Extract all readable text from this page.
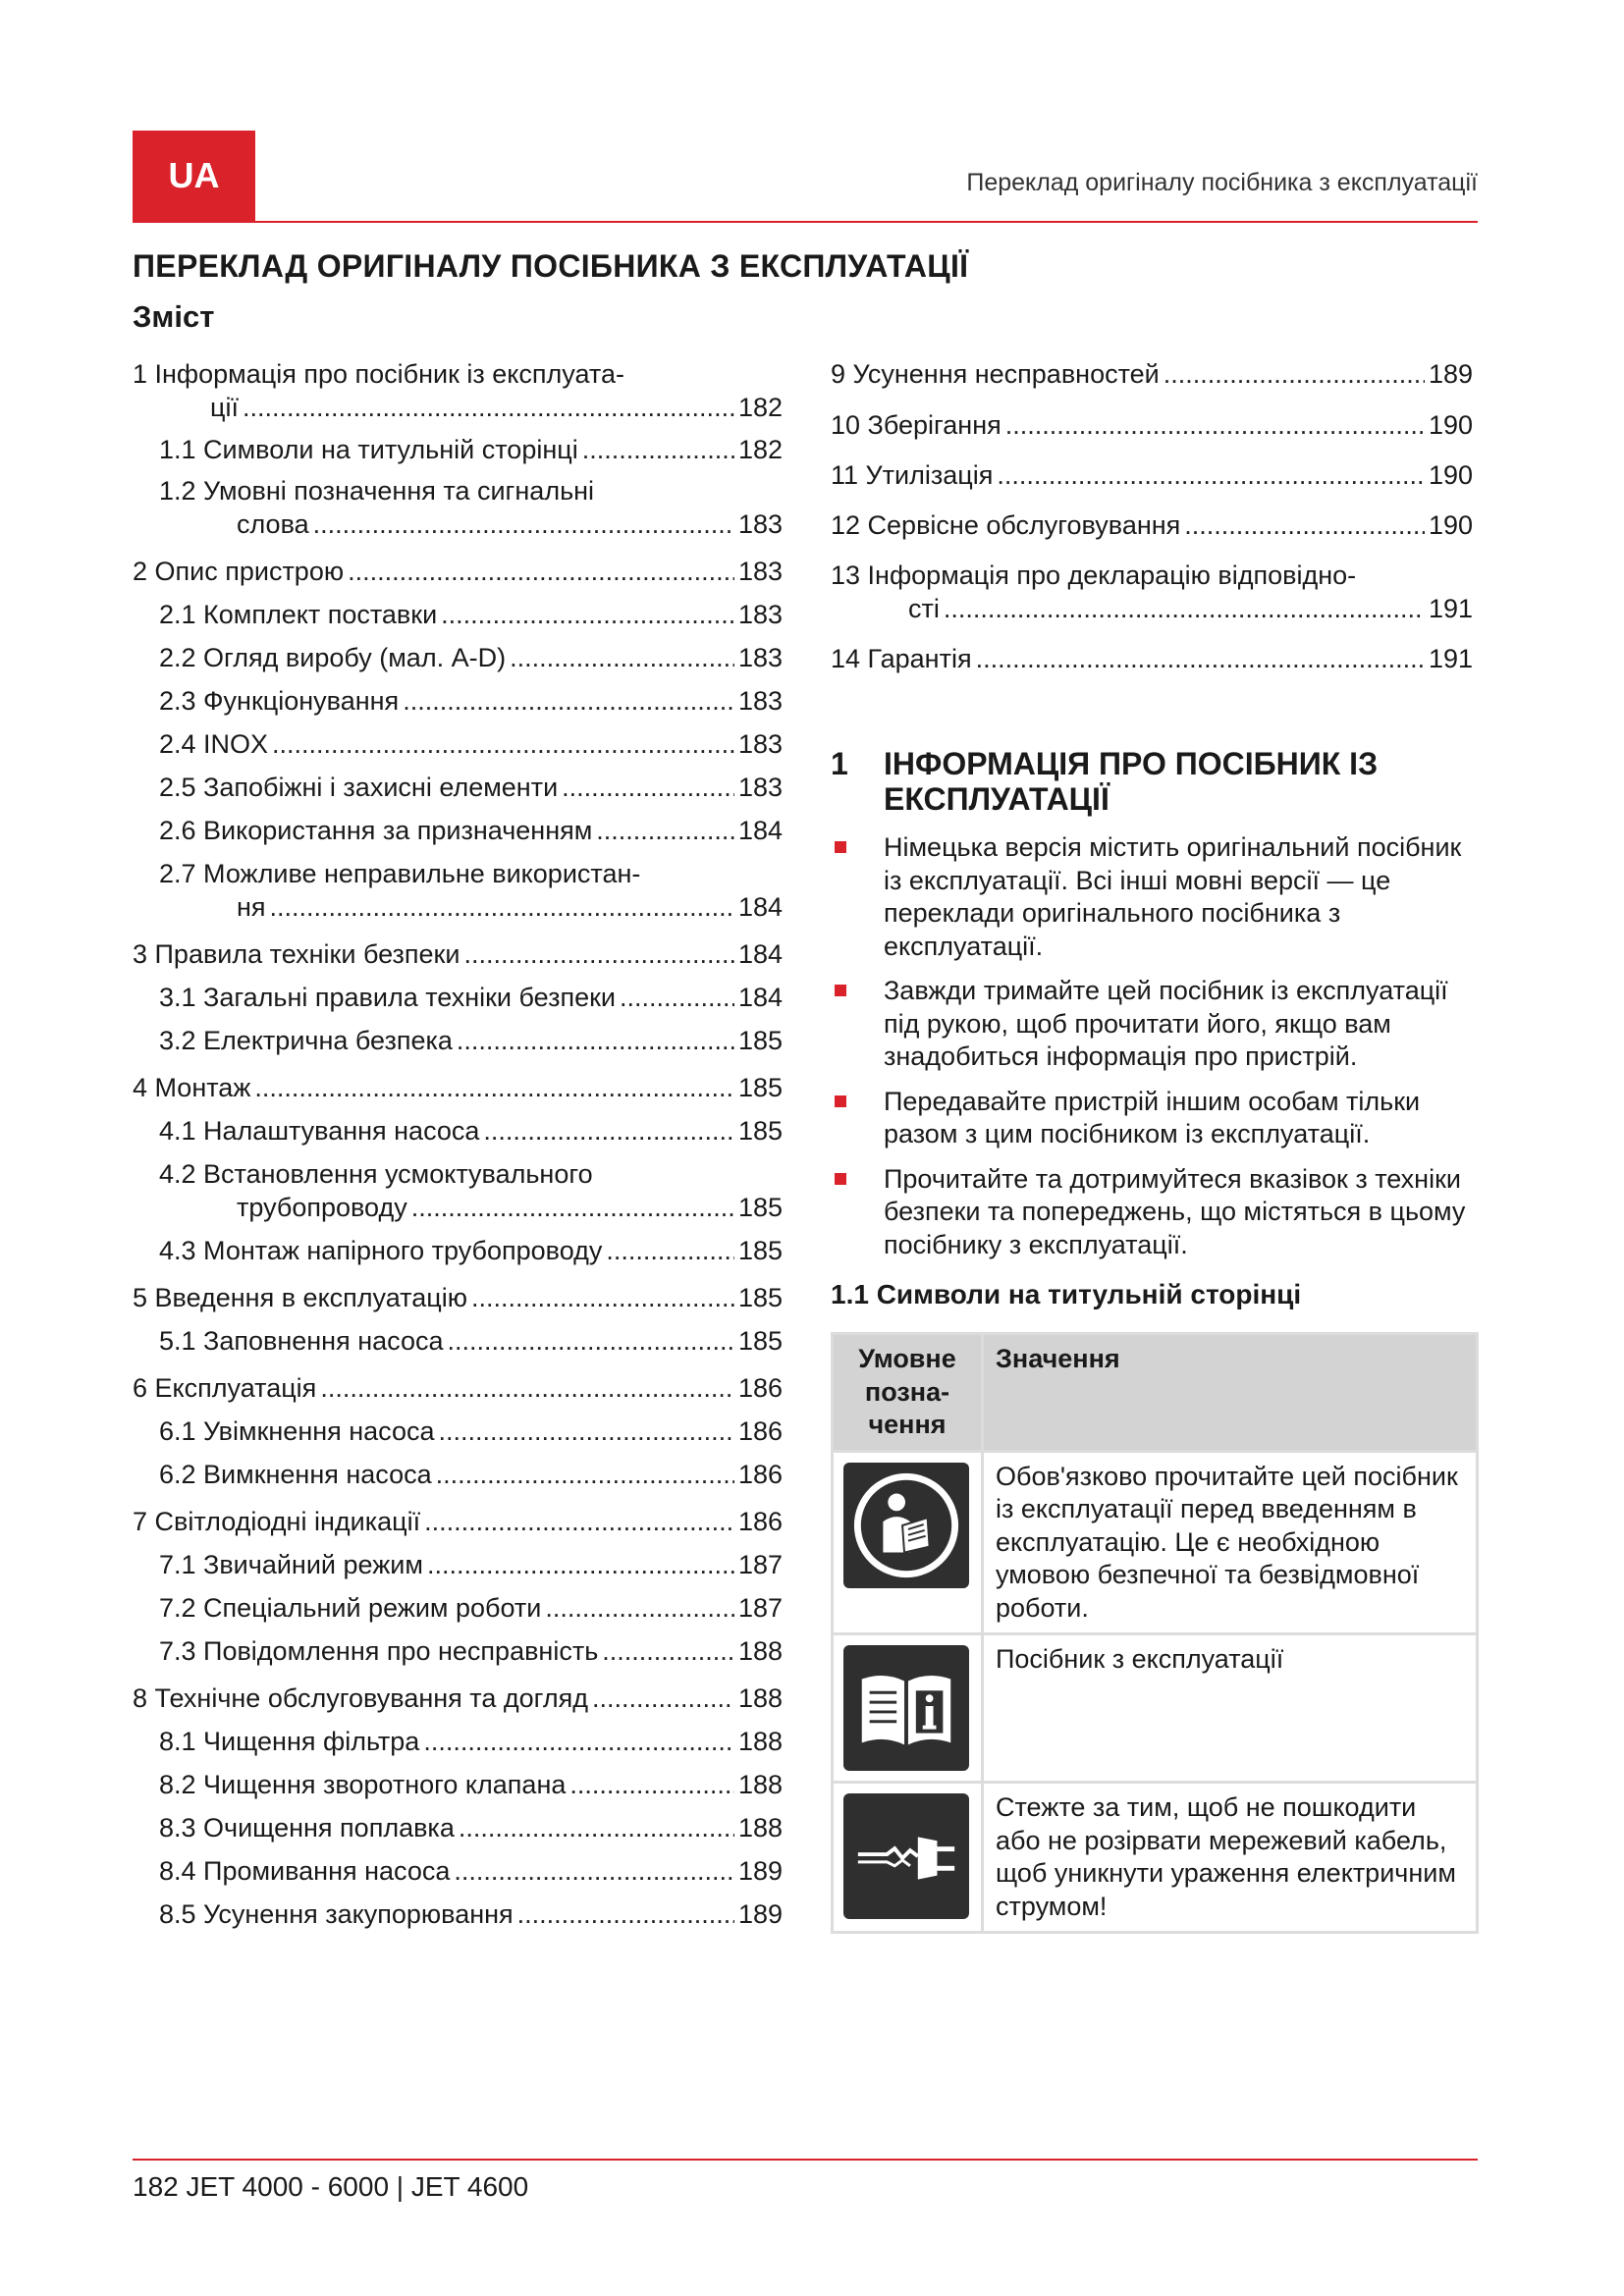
UA	Переклад оригіналу посібника з експлуатації
ПЕРЕКЛАД ОРИГІНАЛУ ПОСІБНИКА З ЕКСПЛУАТАЦІЇ
Зміст
1 Інформація про посібник із експлуата-
ції .....	182
1.1 Символи на титульній сторінці .....	182
1.2 Умовні позначення та сигнальні
слова .....	183
2 Опис пристрою .....	183
2.1 Комплект поставки .....	183
2.2 Огляд виробу (мал. A-D) .....	183
2.3 Функціонування .....	183
2.4 INOX .....	183
2.5 Запобіжні і захисні елементи .....	183
2.6 Використання за призначенням .....	184
2.7 Можливе неправильне використан-
ня .....	184
3 Правила техніки безпеки .....	184
3.1 Загальні правила техніки безпеки .....	184
3.2 Електрична безпека .....	185
4 Монтаж .....	185
4.1 Налаштування насоса .....	185
4.2 Встановлення усмоктувального
трубопроводу .....	185
4.3 Монтаж напірного трубопроводу .....	185
5 Введення в експлуатацію .....	185
5.1 Заповнення насоса .....	185
6 Експлуатація .....	186
6.1 Увімкнення насоса .....	186
6.2 Вимкнення насоса .....	186
7 Світлодіодні індикації .....	186
7.1 Звичайний режим .....	187
7.2 Спеціальний режим роботи .....	187
7.3 Повідомлення про несправність .....	188
8 Технічне обслуговування та догляд .....	188
8.1 Чищення фільтра .....	188
8.2 Чищення зворотного клапана .....	188
8.3 Очищення поплавка .....	188
8.4 Промивання насоса .....	189
8.5 Усунення закупорювання .....	189
9 Усунення несправностей .....	189
10 Зберігання .....	190
11 Утилізація .....	190
12 Сервісне обслуговування .....	190
13 Інформація про декларацію відповідно-
сті .....	191
14 Гарантія .....	191
1 ІНФОРМАЦІЯ ПРО ПОСІБНИК ІЗ
ЕКСПЛУАТАЦІЇ
Німецька версія містить оригінальний посібник із експлуатації. Всі інші мовні версії — це переклади оригінального посібника з експлуатації.
Завжди тримайте цей посібник із експлуатації під рукою, щоб прочитати його, якщо вам знадобиться інформація про пристрій.
Передавайте пристрій іншим особам тільки разом з цим посібником із експлуатації.
Прочитайте та дотримуйтеся вказівок з техніки безпеки та попереджень, що містяться в цьому посібнику з експлуатації.
1.1 Символи на титульній сторінці
Умовне позна-чення	Значення

	Обов'язково прочитайте цей посібник із експлуатації перед введенням в експлуатацію. Це є необхідною умовою безпечної та безвідмовної роботи.

	Посібник з експлуатації

	Стежте за тим, щоб не пошкодити або не розірвати мережевий кабель, щоб уникнути ураження електричним струмом!
182 JET 4000 - 6000 | JET 4600
